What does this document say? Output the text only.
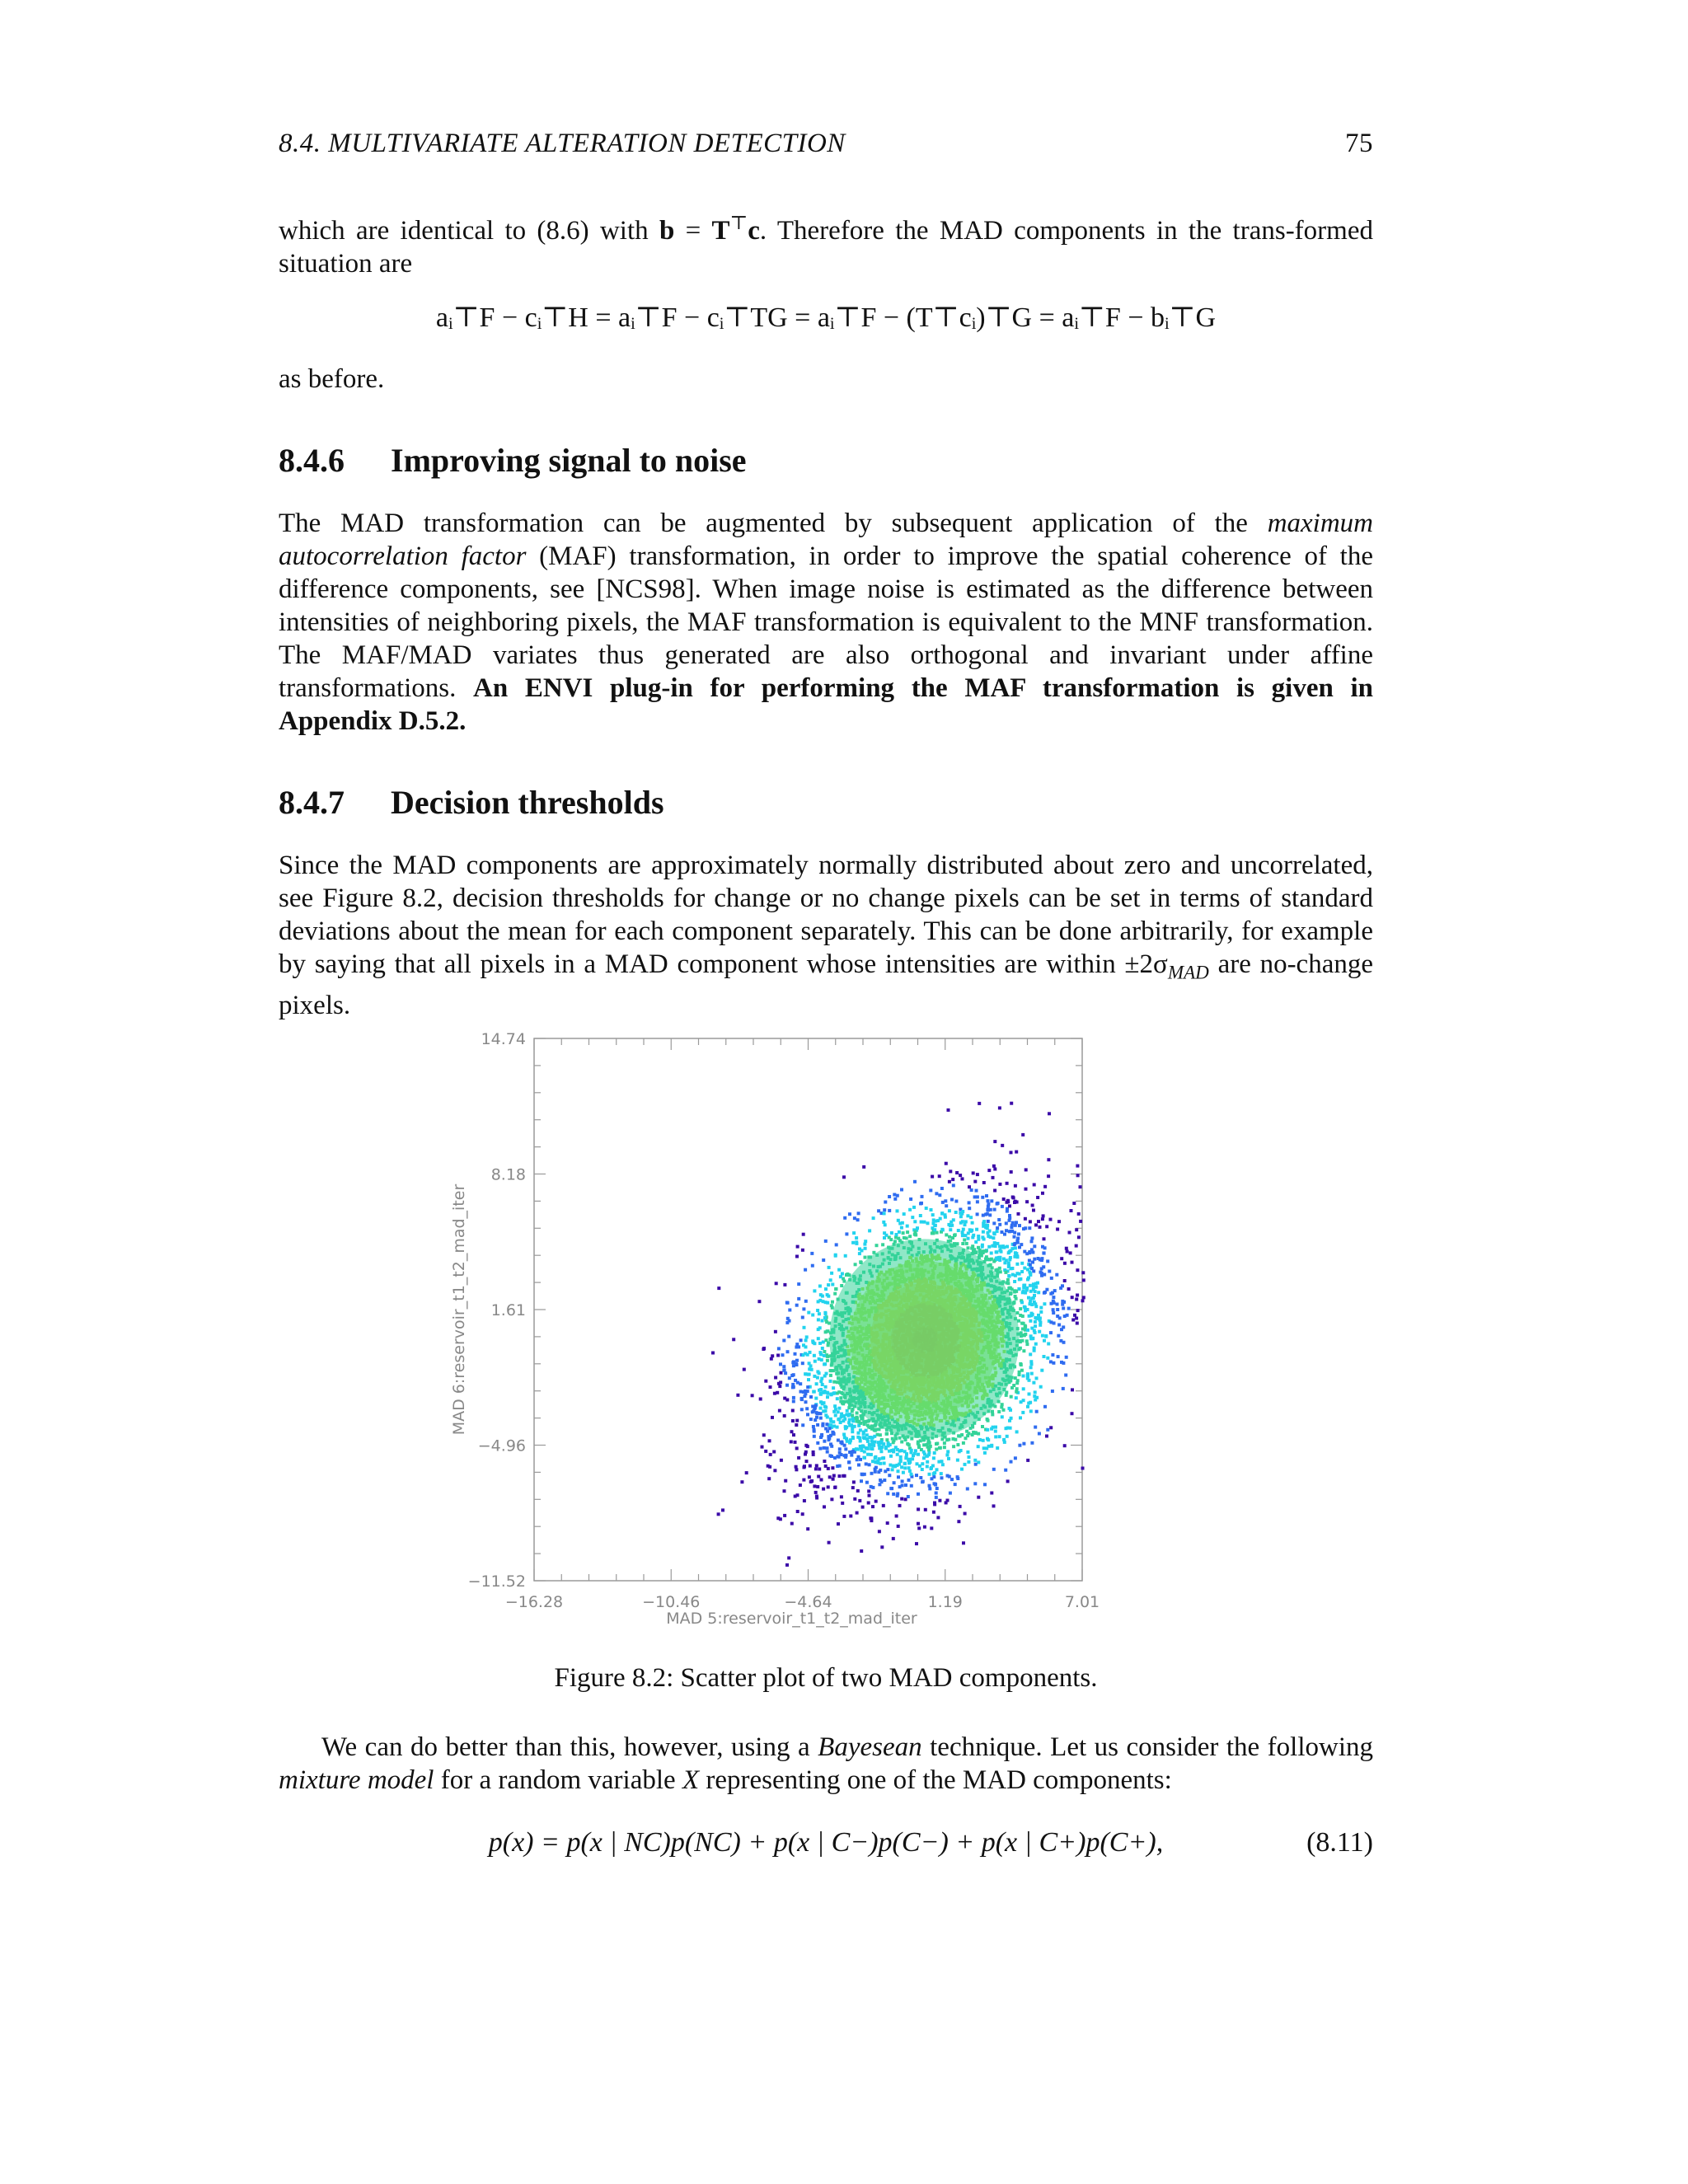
8.4. MULTIVARIATE ALTERATION DETECTION	75
which are identical to (8.6) with b = T⊤c. Therefore the MAD components in the trans-formed situation are
aᵢ⊤F − cᵢ⊤H = aᵢ⊤F − cᵢ⊤TG = aᵢ⊤F − (T⊤cᵢ)⊤G = aᵢ⊤F − bᵢ⊤G
as before.
8.4.6 Improving signal to noise
The MAD transformation can be augmented by subsequent application of the maximum autocorrelation factor (MAF) transformation, in order to improve the spatial coherence of the difference components, see [NCS98]. When image noise is estimated as the difference between intensities of neighboring pixels, the MAF transformation is equivalent to the MNF transformation. The MAF/MAD variates thus generated are also orthogonal and invariant under affine transformations. An ENVI plug-in for performing the MAF transformation is given in Appendix D.5.2.
8.4.7 Decision thresholds
Since the MAD components are approximately normally distributed about zero and uncorrelated, see Figure 8.2, decision thresholds for change or no change pixels can be set in terms of standard deviations about the mean for each component separately. This can be done arbitrarily, for example by saying that all pixels in a MAD component whose intensities are within $\pm 2\sigma_{MAD}$ are no-change pixels.
−16.28	−10.46	−4.64	1.19	7.01
14.74
8.18
1.61
−4.96
−11.52
MAD 5:reservoir_t1_t2_mad_iter
MAD 6:reservoir_t1_t2_mad_iter
Figure 8.2: Scatter plot of two MAD components.
We can do better than this, however, using a Bayesean technique. Let us consider the following mixture model for a random variable X representing one of the MAD components:
p(x) = p(x | NC)p(NC) + p(x | C−)p(C−) + p(x | C+)p(C+),	(8.11)
